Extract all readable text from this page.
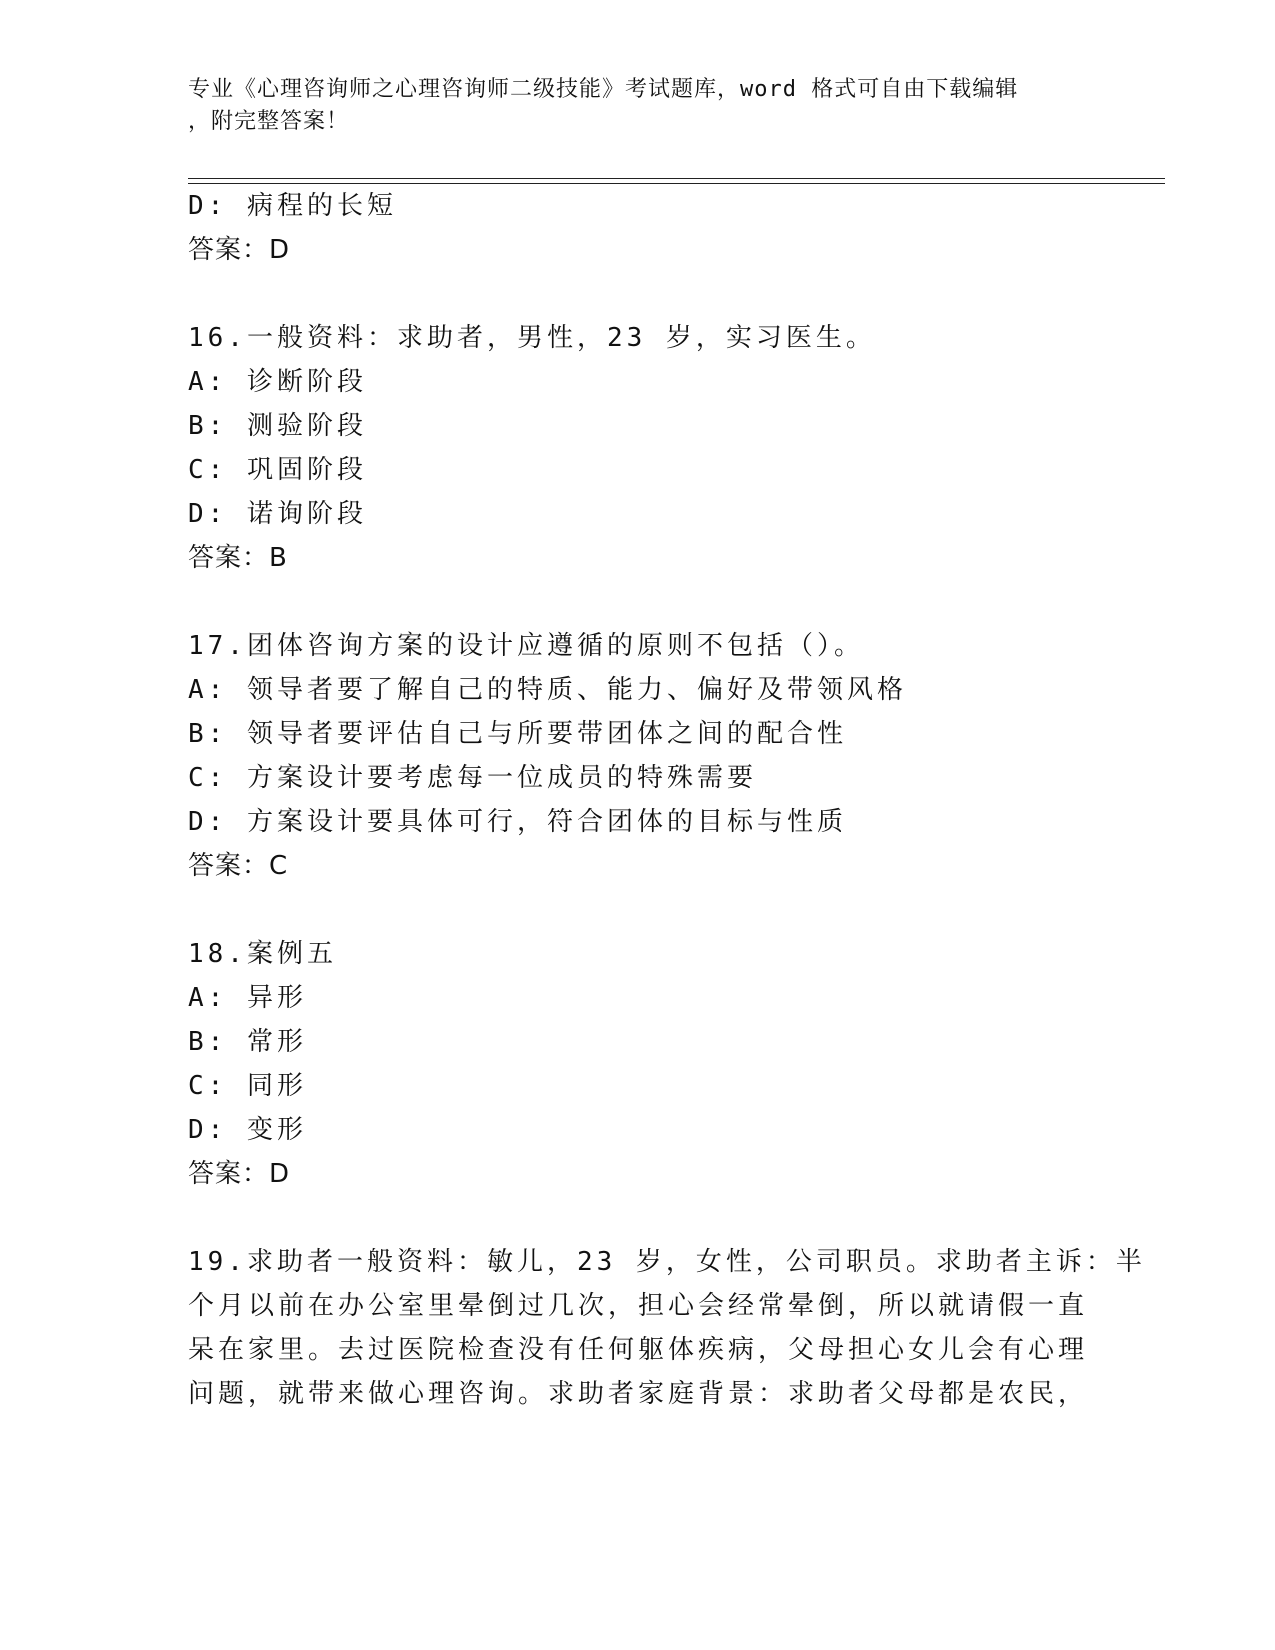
专业《心理咨询师之心理咨询师二级技能》考试题库，word 格式可自由下载编辑
，附完整答案！
D: 病程的长短
答案：D
16.一般资料：求助者，男性，23 岁，实习医生。
A: 诊断阶段
B: 测验阶段
C: 巩固阶段
D: 诺询阶段
答案：B
17.团体咨询方案的设计应遵循的原则不包括（）。
A: 领导者要了解自己的特质、能力、偏好及带领风格
B: 领导者要评估自己与所要带团体之间的配合性
C: 方案设计要考虑每一位成员的特殊需要
D: 方案设计要具体可行，符合团体的目标与性质
答案：C
18.案例五
A: 异形
B: 常形
C: 同形
D: 变形
答案：D
19.求助者一般资料：敏儿，23 岁，女性，公司职员。求助者主诉：半
个月以前在办公室里晕倒过几次，担心会经常晕倒，所以就请假一直
呆在家里。去过医院检查没有任何躯体疾病，父母担心女儿会有心理
问题，就带来做心理咨询。求助者家庭背景：求助者父母都是农民，
